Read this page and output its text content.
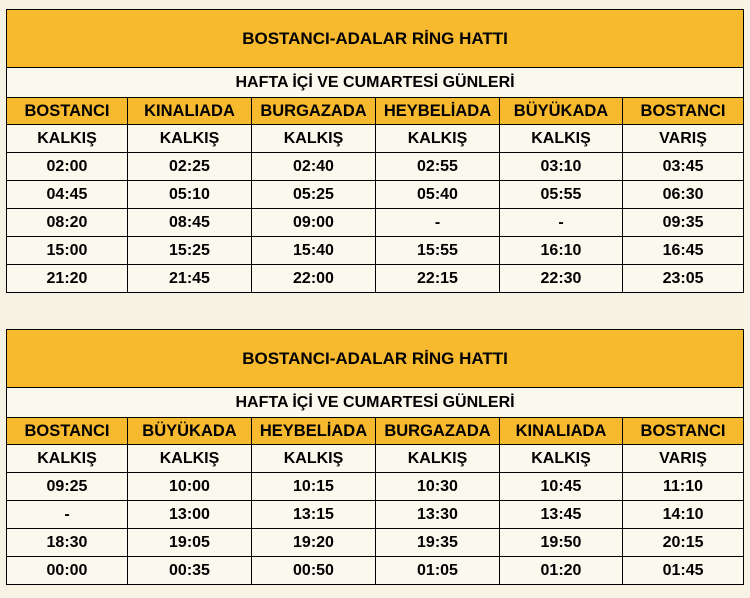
BOSTANCI-ADALAR RİNG HATTI					
HAFTA İÇİ VE CUMARTESİ GÜNLERİ					
BOSTANCI	KINALIADA	BURGAZADA	HEYBELİADA	BÜYÜKADA	BOSTANCI
KALKIŞ	KALKIŞ	KALKIŞ	KALKIŞ	KALKIŞ	VARIŞ
02:00	02:25	02:40	02:55	03:10	03:45
04:45	05:10	05:25	05:40	05:55	06:30
08:20	08:45	09:00	-	-	09:35
15:00	15:25	15:40	15:55	16:10	16:45
21:20	21:45	22:00	22:15	22:30	23:05
BOSTANCI-ADALAR RİNG HATTI					
HAFTA İÇİ VE CUMARTESİ GÜNLERİ					
BOSTANCI	BÜYÜKADA	HEYBELİADA	BURGAZADA	KINALIADA	BOSTANCI
KALKIŞ	KALKIŞ	KALKIŞ	KALKIŞ	KALKIŞ	VARIŞ
09:25	10:00	10:15	10:30	10:45	11:10
-	13:00	13:15	13:30	13:45	14:10
18:30	19:05	19:20	19:35	19:50	20:15
00:00	00:35	00:50	01:05	01:20	01:45
